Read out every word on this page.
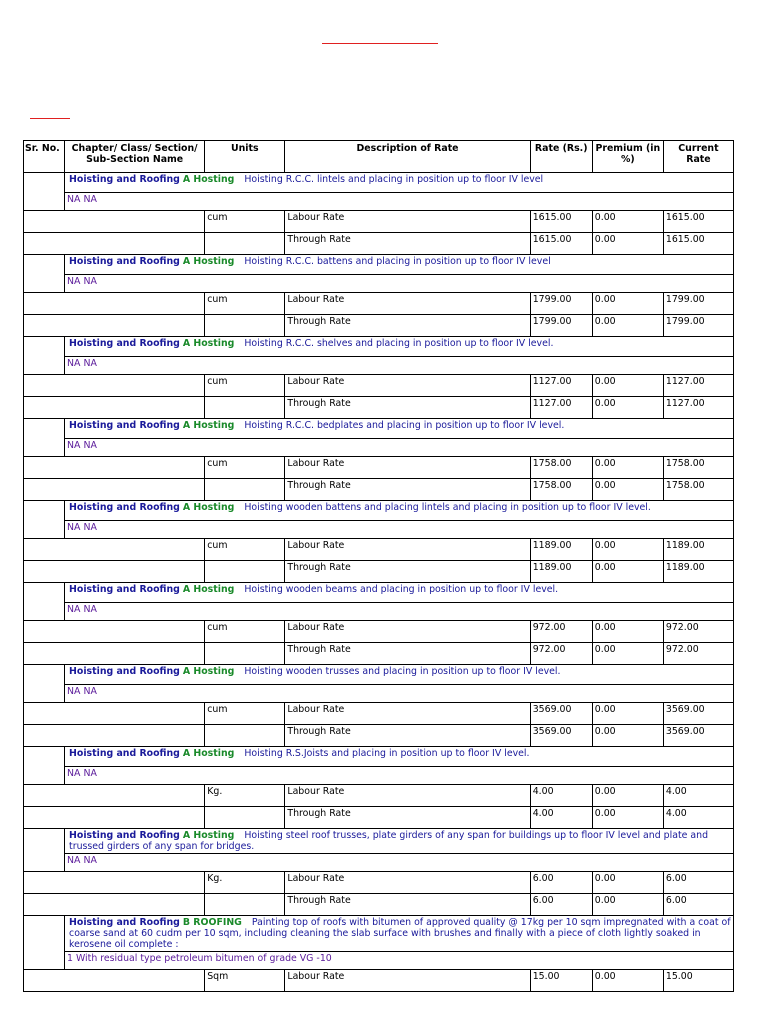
Sr. No.	Chapter/ Class/ Section/ Sub-Section Name	Units	Description of Rate	Rate (Rs.)	Premium (in %)	Current Rate
	Hoisting and Roofing A Hosting Hoisting R.C.C. lintels and placing in position up to floor IV level					
	NA NA					
		cum	Labour Rate	1615.00	0.00	1615.00
			Through Rate	1615.00	0.00	1615.00
	Hoisting and Roofing A Hosting Hoisting R.C.C. battens and placing in position up to floor IV level					
	NA NA					
		cum	Labour Rate	1799.00	0.00	1799.00
			Through Rate	1799.00	0.00	1799.00
	Hoisting and Roofing A Hosting Hoisting R.C.C. shelves and placing in position up to floor IV level.					
	NA NA					
		cum	Labour Rate	1127.00	0.00	1127.00
			Through Rate	1127.00	0.00	1127.00
	Hoisting and Roofing A Hosting Hoisting R.C.C. bedplates and placing in position up to floor IV level.					
	NA NA					
		cum	Labour Rate	1758.00	0.00	1758.00
			Through Rate	1758.00	0.00	1758.00
	Hoisting and Roofing A Hosting Hoisting wooden battens and placing lintels and placing in position up to floor IV level.					
	NA NA					
		cum	Labour Rate	1189.00	0.00	1189.00
			Through Rate	1189.00	0.00	1189.00
	Hoisting and Roofing A Hosting Hoisting wooden beams and placing in position up to floor IV level.					
	NA NA					
		cum	Labour Rate	972.00	0.00	972.00
			Through Rate	972.00	0.00	972.00
	Hoisting and Roofing A Hosting Hoisting wooden trusses and placing in position up to floor IV level.					
	NA NA					
		cum	Labour Rate	3569.00	0.00	3569.00
			Through Rate	3569.00	0.00	3569.00
	Hoisting and Roofing A Hosting Hoisting R.S.Joists and placing in position up to floor IV level.					
	NA NA					
		Kg.	Labour Rate	4.00	0.00	4.00
			Through Rate	4.00	0.00	4.00
	Hoisting and Roofing A Hosting Hoisting steel roof trusses, plate girders of any span for buildings up to floor IV level and plate and trussed girders of any span for bridges.					
	NA NA					
		Kg.	Labour Rate	6.00	0.00	6.00
			Through Rate	6.00	0.00	6.00
	Hoisting and Roofing B ROOFING Painting top of roofs with bitumen of approved quality @ 17kg per 10 sqm impregnated with a coat of coarse sand at 60 cudm per 10 sqm, including cleaning the slab surface with brushes and finally with a piece of cloth lightly soaked in kerosene oil complete :					
	1 With residual type petroleum bitumen of grade VG -10					
		Sqm	Labour Rate	15.00	0.00	15.00
